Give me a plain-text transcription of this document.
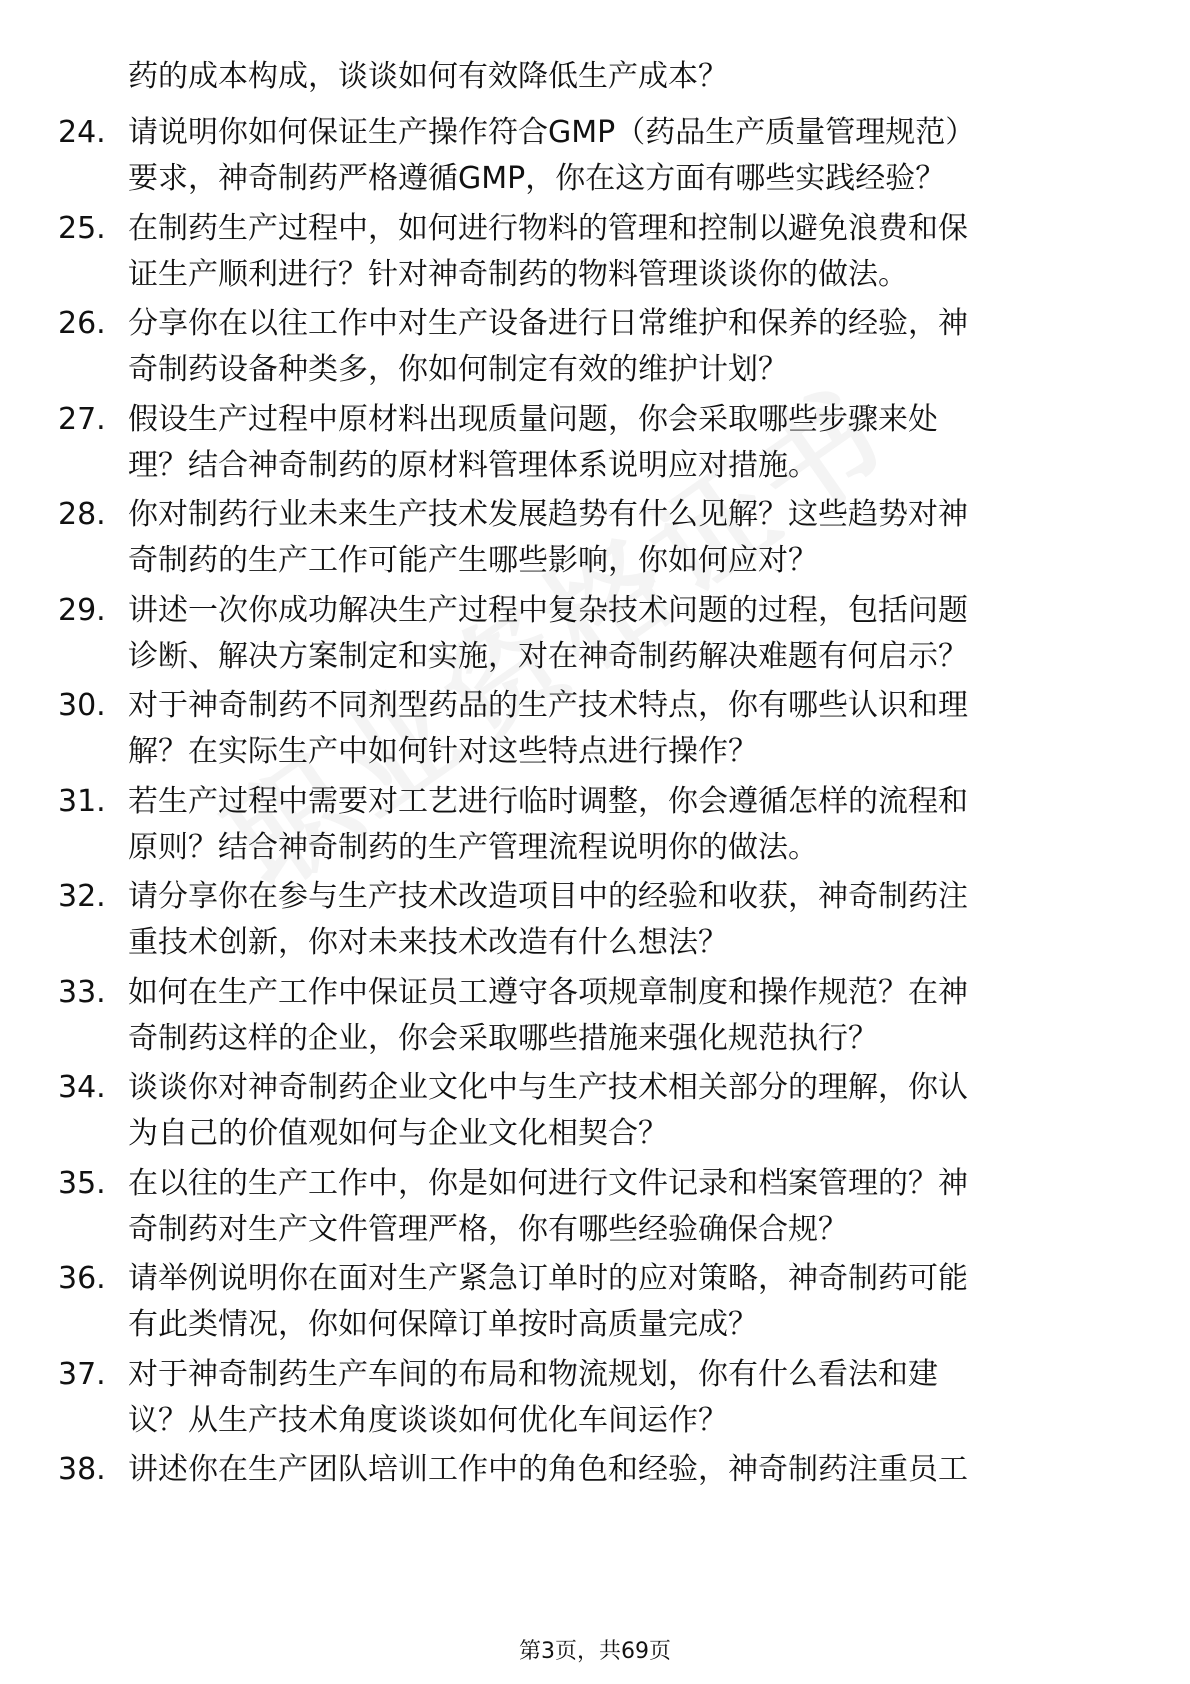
药的成本构成，谈谈如何有效降低生产成本？
24. 请说明你如何保证生产操作符合GMP（药品生产质量管理规范）
要求，神奇制药严格遵循GMP，你在这方面有哪些实践经验？
25. 在制药生产过程中，如何进行物料的管理和控制以避免浪费和保
证生产顺利进行？针对神奇制药的物料管理谈谈你的做法。
26. 分享你在以往工作中对生产设备进行日常维护和保养的经验，神
奇制药设备种类多，你如何制定有效的维护计划？
27. 假设生产过程中原材料出现质量问题，你会采取哪些步骤来处
理？结合神奇制药的原材料管理体系说明应对措施。
28. 你对制药行业未来生产技术发展趋势有什么见解？这些趋势对神
奇制药的生产工作可能产生哪些影响，你如何应对？
29. 讲述一次你成功解决生产过程中复杂技术问题的过程，包括问题
诊断、解决方案制定和实施，对在神奇制药解决难题有何启示？
30. 对于神奇制药不同剂型药品的生产技术特点，你有哪些认识和理
解？在实际生产中如何针对这些特点进行操作？
31. 若生产过程中需要对工艺进行临时调整，你会遵循怎样的流程和
原则？结合神奇制药的生产管理流程说明你的做法。
32. 请分享你在参与生产技术改造项目中的经验和收获，神奇制药注
重技术创新，你对未来技术改造有什么想法？
33. 如何在生产工作中保证员工遵守各项规章制度和操作规范？在神
奇制药这样的企业，你会采取哪些措施来强化规范执行？
34. 谈谈你对神奇制药企业文化中与生产技术相关部分的理解，你认
为自己的价值观如何与企业文化相契合？
35. 在以往的生产工作中，你是如何进行文件记录和档案管理的？神
奇制药对生产文件管理严格，你有哪些经验确保合规？
36. 请举例说明你在面对生产紧急订单时的应对策略，神奇制药可能
有此类情况，你如何保障订单按时高质量完成？
37. 对于神奇制药生产车间的布局和物流规划，你有什么看法和建
议？从生产技术角度谈谈如何优化车间运作？
38. 讲述你在生产团队培训工作中的角色和经验，神奇制药注重员工
第3页，共69页
